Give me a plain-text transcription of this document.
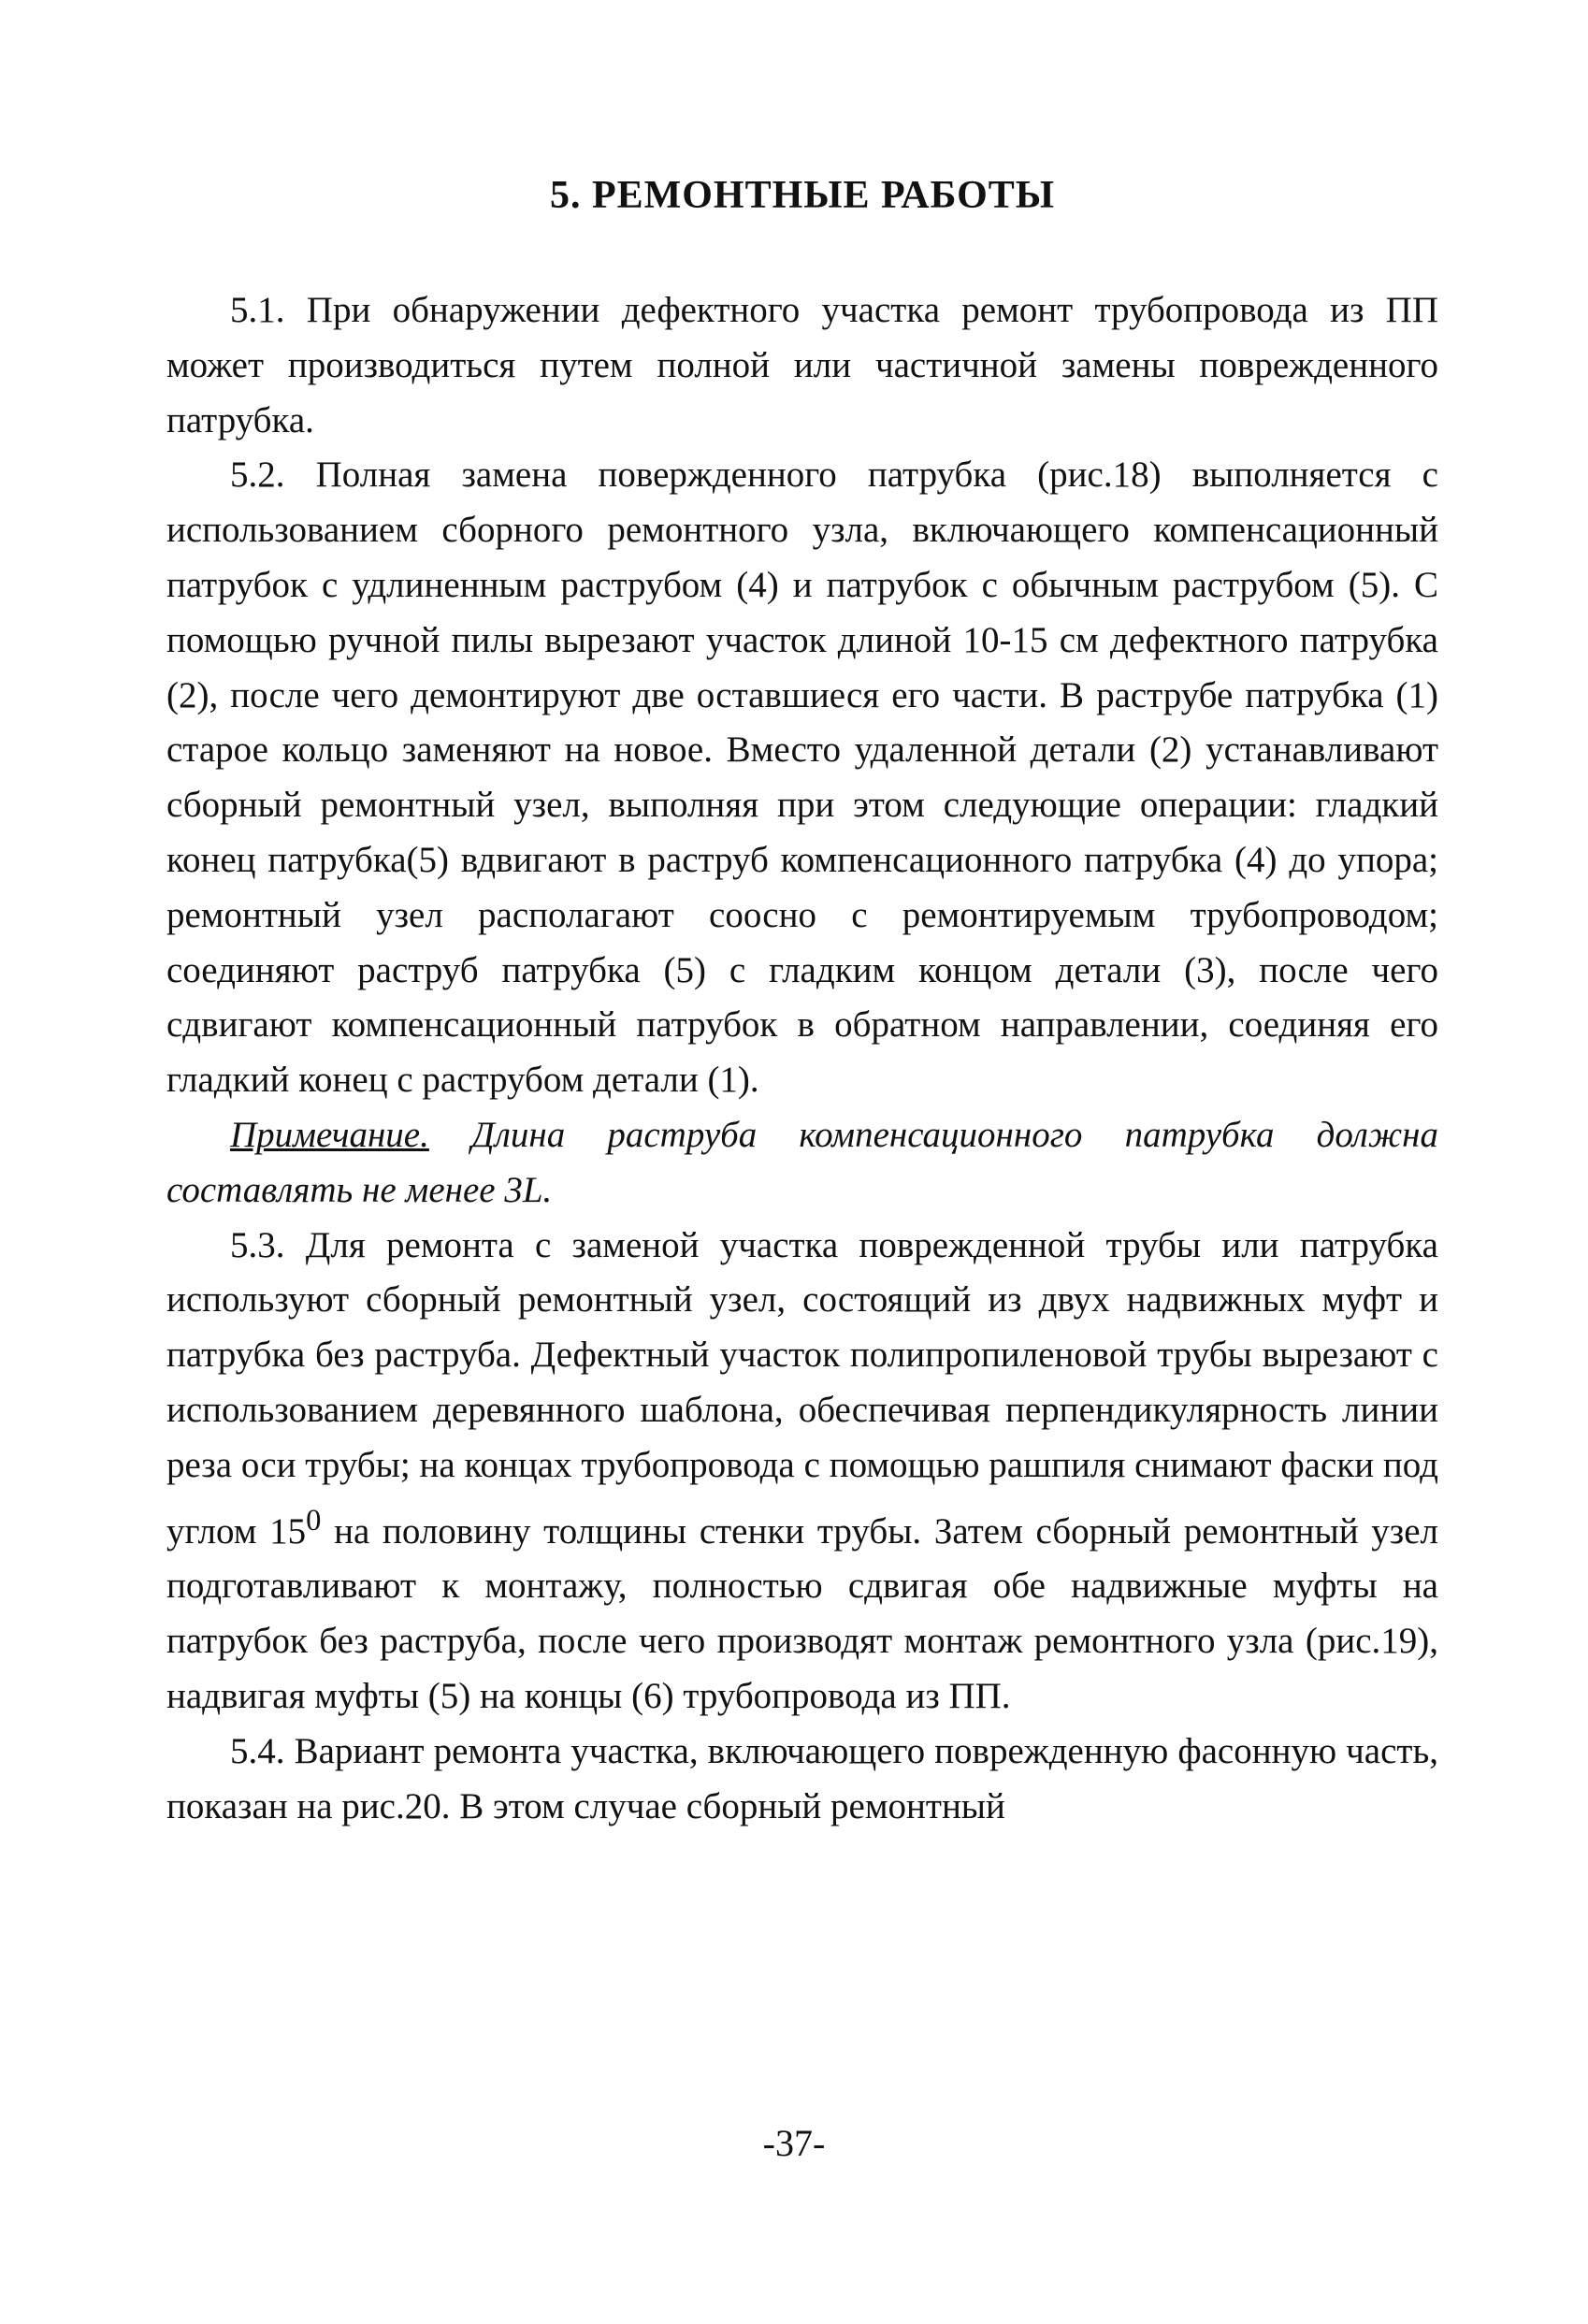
5. РЕМОНТНЫЕ РАБОТЫ

5.1. При обнаружении дефектного участка ремонт трубопровода из ПП может производиться путем полной или частичной замены поврежденного патрубка.

5.2. Полная замена повержденного патрубка (рис.18) выполняется с использованием сборного ремонтного узла, включающего компенсационный патрубок с удлиненным раструбом (4) и патрубок с обычным раструбом (5). С помощью ручной пилы вырезают участок длиной 10-15 см дефектного патрубка (2), после чего демонтируют две оставшиеся его части. В раструбе патрубка (1) старое кольцо заменяют на новое. Вместо удаленной детали (2) устанавливают сборный ремонтный узел, выполняя при этом следующие операции: гладкий конец патрубка(5) вдвигают в раструб компенсационного патрубка (4) до упора; ремонтный узел располагают соосно с ремонтируемым трубопроводом; соединяют раструб патрубка (5) с гладким концом детали (3), после чего сдвигают компенсационный патрубок в обратном направлении, соединяя его гладкий конец с раструбом детали (1).

Примечание. Длина раструба компенсационного патрубка должна составлять не менее 3L.

5.3. Для ремонта с заменой участка поврежденной трубы или патрубка используют сборный ремонтный узел, состоящий из двух надвижных муфт и патрубка без раструба. Дефектный участок полипропиленовой трубы вырезают с использованием деревянного шаблона, обеспечивая перпендикулярность линии реза оси трубы; на концах трубопровода с помощью рашпиля снимают фаски под углом $15^0$ на половину толщины стенки трубы. Затем сборный ремонтный узел подготавливают к монтажу, полностью сдвигая обе надвижные муфты на патрубок без раструба, после чего производят монтаж ремонтного узла (рис.19), надвигая муфты (5) на концы (6) трубопровода из ПП.

5.4. Вариант ремонта участка, включающего поврежденную фасонную часть, показан на рис.20. В этом случае сборный ремонтный

-37-
